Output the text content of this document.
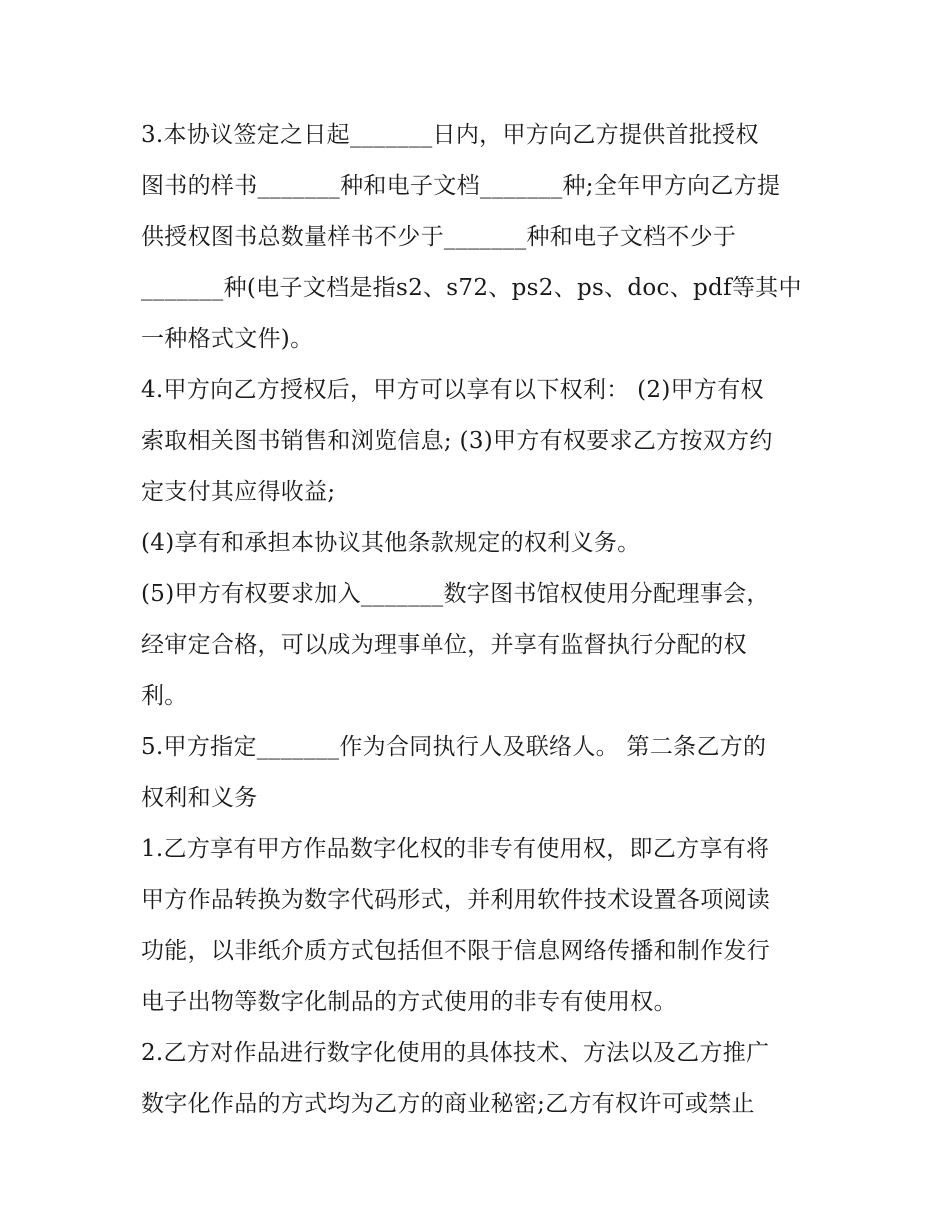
3.本协议签定之日起_______日内，甲方向乙方提供首批授权
图书的样书_______种和电子文档_______种;全年甲方向乙方提
供授权图书总数量样书不少于_______种和电子文档不少于
_______种(电子文档是指s2、s72、ps2、ps、doc、pdf等其中
一种格式文件)。
4.甲方向乙方授权后，甲方可以享有以下权利： (2)甲方有权
索取相关图书销售和浏览信息; (3)甲方有权要求乙方按双方约
定支付其应得收益;
(4)享有和承担本协议其他条款规定的权利义务。
(5)甲方有权要求加入_______数字图书馆权使用分配理事会，
经审定合格，可以成为理事单位，并享有监督执行分配的权
利。
5.甲方指定_______作为合同执行人及联络人。 第二条乙方的
权利和义务
1.乙方享有甲方作品数字化权的非专有使用权，即乙方享有将
甲方作品转换为数字代码形式，并利用软件技术设置各项阅读
功能，以非纸介质方式包括但不限于信息网络传播和制作发行
电子出物等数字化制品的方式使用的非专有使用权。
2.乙方对作品进行数字化使用的具体技术、方法以及乙方推广
数字化作品的方式均为乙方的商业秘密;乙方有权许可或禁止
